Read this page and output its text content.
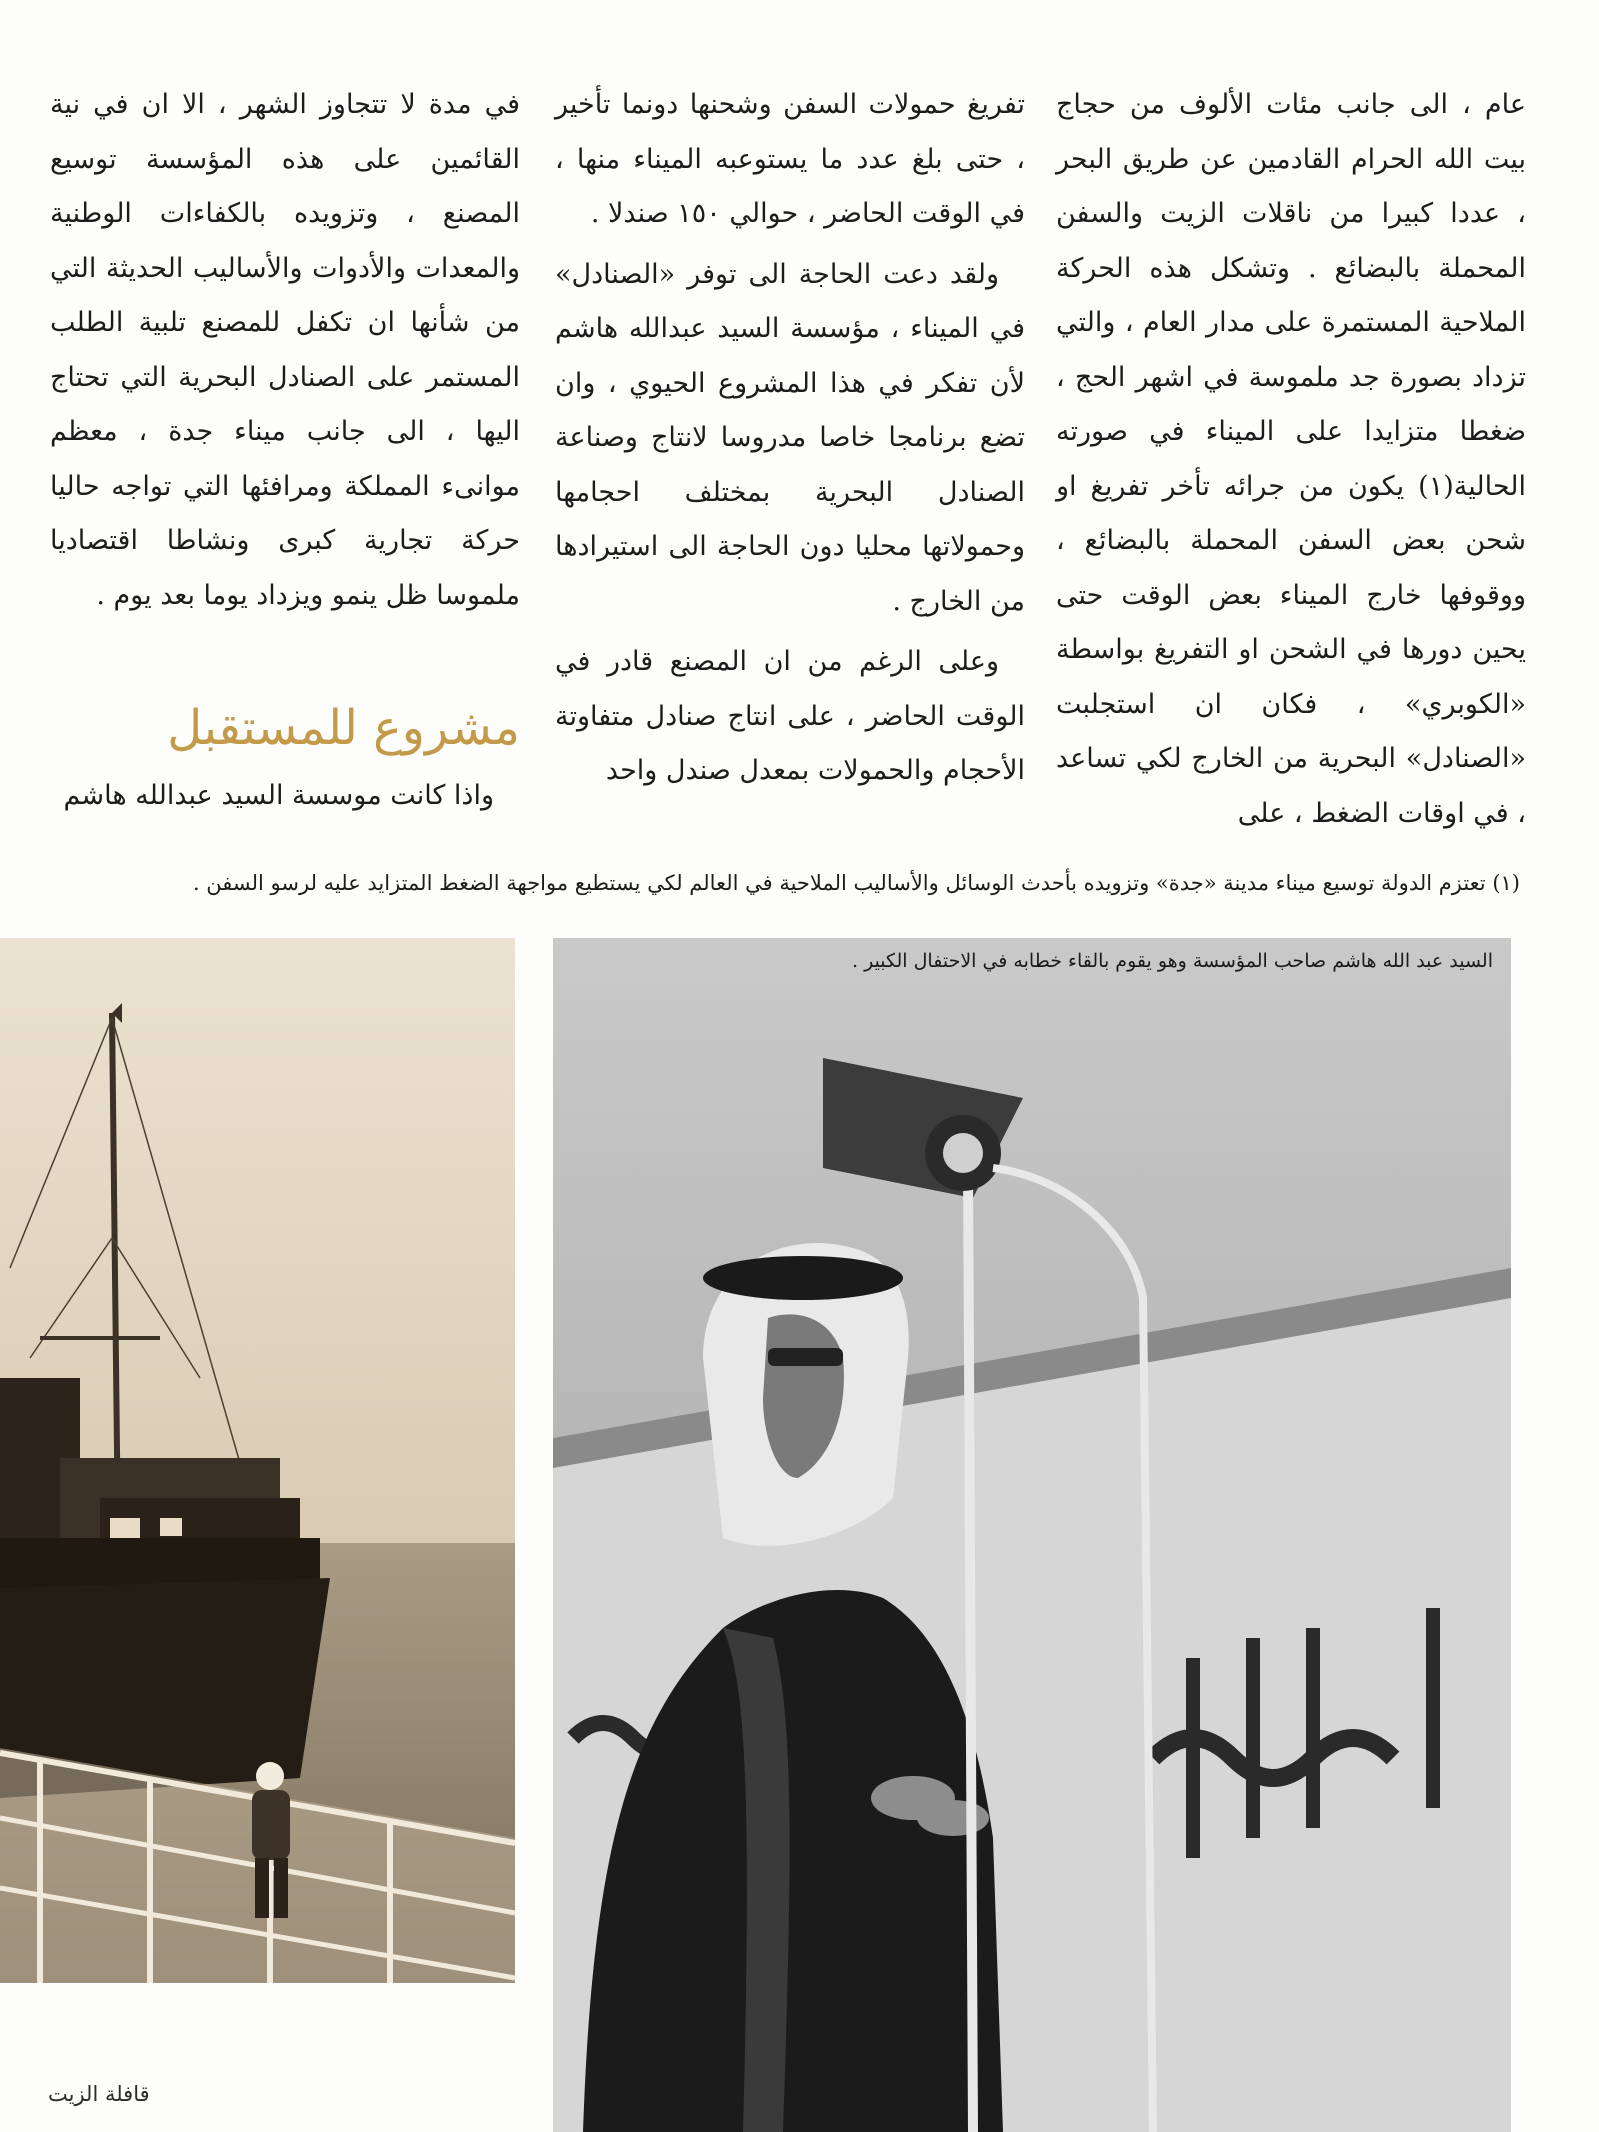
عام ، الى جانب مئات الألوف من حجاج بيت الله الحرام القادمين عن طريق البحر ، عددا كبيرا من ناقلات الزيت والسفن المحملة بالبضائع . وتشكل هذه الحركة الملاحية المستمرة على مدار العام ، والتي تزداد بصورة جد ملموسة في اشهر الحج ، ضغطا متزايدا على الميناء في صورته الحالية(١) يكون من جرائه تأخر تفريغ او شحن بعض السفن المحملة بالبضائع ، ووقوفها خارج الميناء بعض الوقت حتى يحين دورها في الشحن او التفريغ بواسطة «الكوبري» ، فكان ان استجلبت «الصنادل» البحرية من الخارج لكي تساعد ، في اوقات الضغط ، على

تفريغ حمولات السفن وشحنها دونما تأخير ، حتى بلغ عدد ما يستوعبه الميناء منها ، في الوقت الحاضر ، حوالي ١٥٠ صندلا .

ولقد دعت الحاجة الى توفر «الصنادل» في الميناء ، مؤسسة السيد عبدالله هاشم لأن تفكر في هذا المشروع الحيوي ، وان تضع برنامجا خاصا مدروسا لانتاج وصناعة الصنادل البحرية بمختلف احجامها وحمولاتها محليا دون الحاجة الى استيرادها من الخارج .

وعلى الرغم من ان المصنع قادر في الوقت الحاضر ، على انتاج صنادل متفاوتة الأحجام والحمولات بمعدل صندل واحد

في مدة لا تتجاوز الشهر ، الا ان في نية القائمين على هذه المؤسسة توسيع المصنع ، وتزويده بالكفاءات الوطنية والمعدات والأدوات والأساليب الحديثة التي من شأنها ان تكفل للمصنع تلبية الطلب المستمر على الصنادل البحرية التي تحتاج اليها ، الى جانب ميناء جدة ، معظم موانىء المملكة ومرافئها التي تواجه حاليا حركة تجارية كبرى ونشاطا اقتصاديا ملموسا ظل ينمو ويزداد يوما بعد يوم .

مشروع للمستقبل

واذا كانت موسسة السيد عبدالله هاشم

(١) تعتزم الدولة توسيع ميناء مدينة «جدة» وتزويده بأحدث الوسائل والأساليب الملاحية في العالم لكي يستطيع مواجهة الضغط المتزايد عليه لرسو السفن .
السيد عبد الله هاشم صاحب المؤسسة وهو يقوم بالقاء خطابه في الاحتفال الكبير .
قافلة الزيت
